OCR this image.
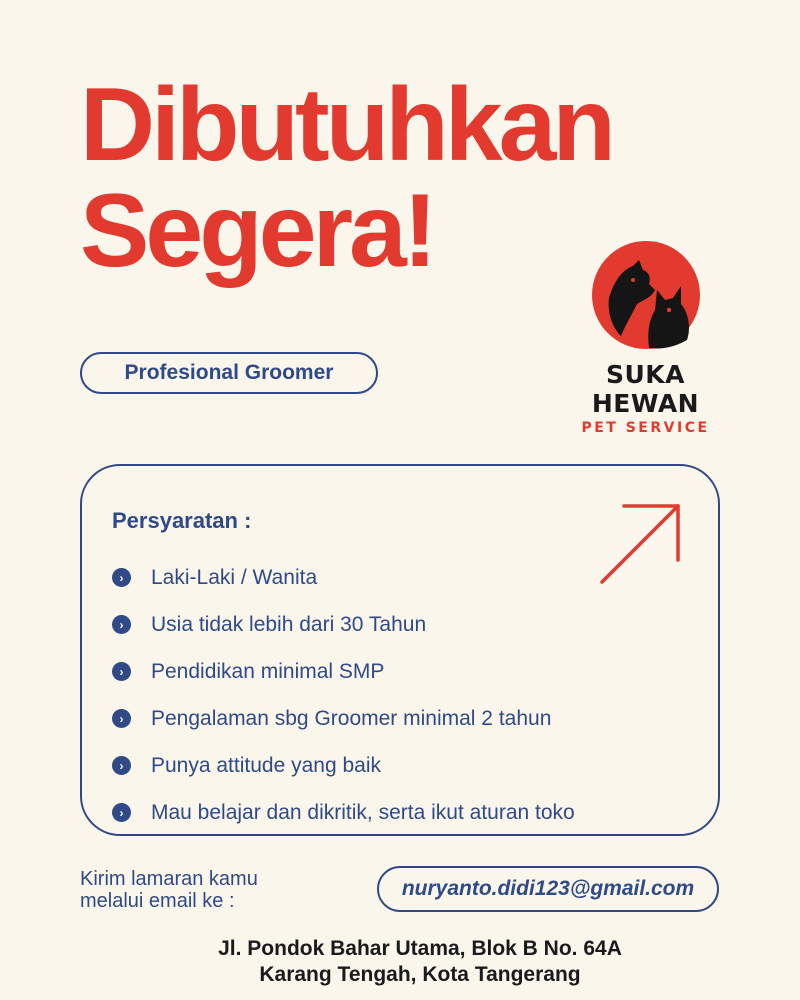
Dibutuhkan
Segera!
SUKA HEWAN
PET SERVICE
Profesional Groomer
Persyaratan :
›	Laki-Laki / Wanita
›	Usia tidak lebih dari 30 Tahun
›	Pendidikan minimal SMP
›	Pengalaman sbg Groomer minimal 2 tahun
›	Punya attitude yang baik
›	Mau belajar dan dikritik, serta ikut aturan toko
Kirim lamaran kamu
melalui email ke :
nuryanto.didi123@gmail.com
Jl. Pondok Bahar Utama, Blok B No. 64A
Karang Tengah, Kota Tangerang
